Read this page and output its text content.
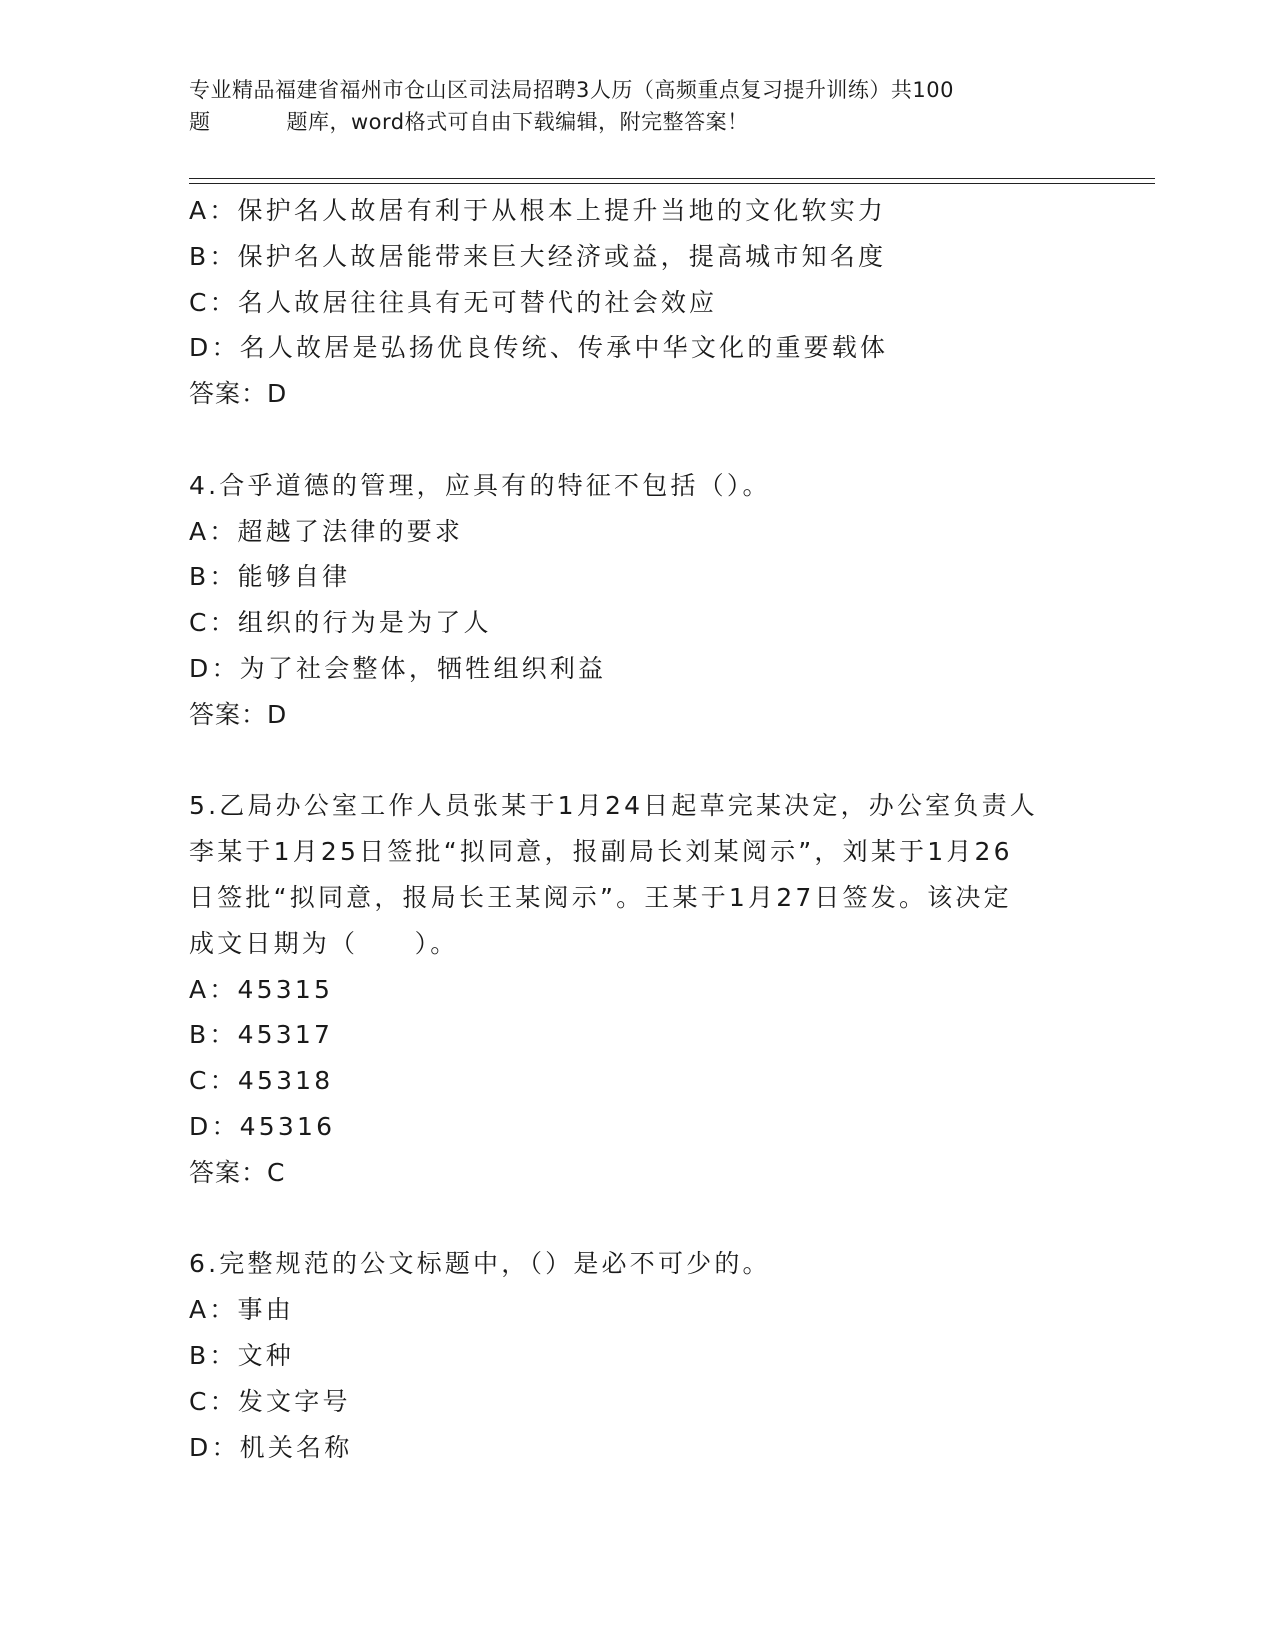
专业精品福建省福州市仓山区司法局招聘3人历（高频重点复习提升训练）共100
题	题库，word格式可自由下载编辑，附完整答案！
A：保护名人故居有利于从根本上提升当地的文化软实力
B：保护名人故居能带来巨大经济或益，提高城市知名度
C：名人故居往往具有无可替代的社会效应
D：名人故居是弘扬优良传统、传承中华文化的重要载体
答案：D
4.合乎道德的管理，应具有的特征不包括（）。
A：超越了法律的要求
B：能够自律
C：组织的行为是为了人
D：为了社会整体，牺牲组织利益
答案：D
5.乙局办公室工作人员张某于1月24日起草完某决定，办公室负责人
李某于1月25日签批“拟同意，报副局长刘某阅示”，刘某于1月26
日签批“拟同意，报局长王某阅示”。王某于1月27日签发。该决定
成文日期为（　　）。
A：45315
B：45317
C：45318
D：45316
答案：C
6.完整规范的公文标题中，（）是必不可少的。
A：事由
B：文种
C：发文字号
D：机关名称
